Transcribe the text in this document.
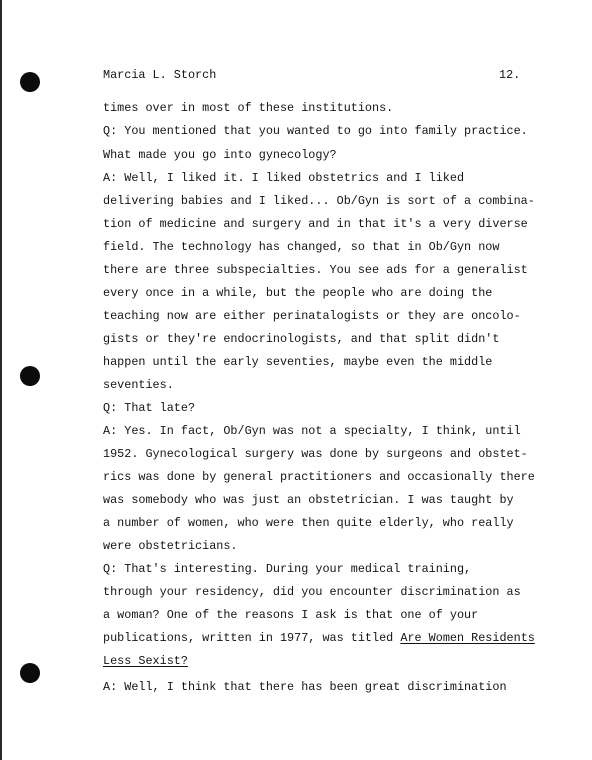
Marcia L. Storch	12.
times over in most of these institutions.
Q: You mentioned that you wanted to go into family practice.
What made you go into gynecology?
A: Well, I liked it. I liked obstetrics and I liked
delivering babies and I liked... Ob/Gyn is sort of a combina-
tion of medicine and surgery and in that it's a very diverse
field. The technology has changed, so that in Ob/Gyn now
there are three subspecialties. You see ads for a generalist
every once in a while, but the people who are doing the
teaching now are either perinatalogists or they are oncolo-
gists or they're endocrinologists, and that split didn't
happen until the early seventies, maybe even the middle
seventies.
Q: That late?
A: Yes. In fact, Ob/Gyn was not a specialty, I think, until
1952. Gynecological surgery was done by surgeons and obstet-
rics was done by general practitioners and occasionally there
was somebody who was just an obstetrician. I was taught by
a number of women, who were then quite elderly, who really
were obstetricians.
Q: That's interesting. During your medical training,
through your residency, did you encounter discrimination as
a woman? One of the reasons I ask is that one of your
publications, written in 1977, was titled Are Women Residents
Less Sexist?
A: Well, I think that there has been great discrimination
